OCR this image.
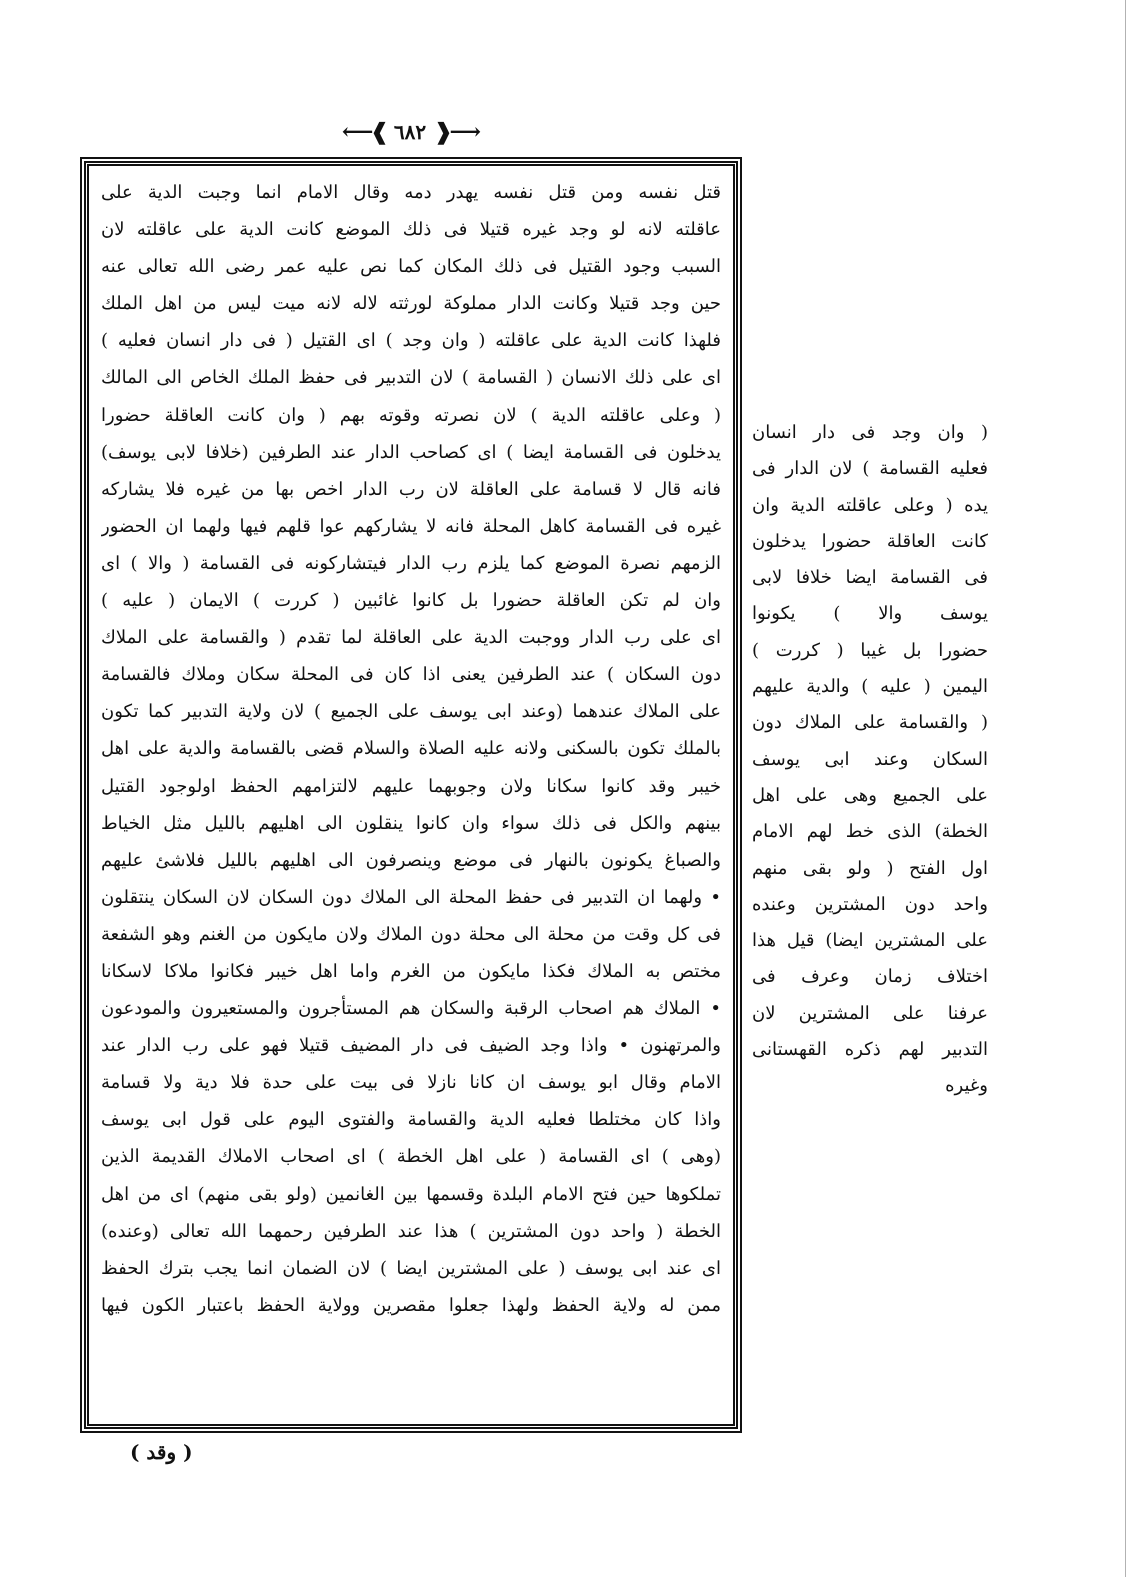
⟵❰ ٦٨٢ ❱⟶
قتل نفسه ومن قتل نفسه يهدر دمه وقال الامام انما وجبت الدية على
عاقلته لانه لو وجد غيره قتيلا فى ذلك الموضع كانت الدية على عاقلته لان
السبب وجود القتيل فى ذلك المكان كما نص عليه عمر رضى الله تعالى عنه
حين وجد قتيلا وكانت الدار مملوكة لورثته لاله لانه ميت ليس من اهل الملك
فلهذا كانت الدية على عاقلته ( وان وجد ) اى القتيل ( فى دار انسان فعليه )
اى على ذلك الانسان ( القسامة ) لان التدبير فى حفظ الملك الخاص الى المالك
( وعلى عاقلته الدية ) لان نصرته وقوته بهم ( وان كانت العاقلة حضورا
يدخلون فى القسامة ايضا ) اى كصاحب الدار عند الطرفين (خلافا لابى يوسف)
فانه قال لا قسامة على العاقلة لان رب الدار اخص بها من غيره فلا يشاركه
غيره فى القسامة كاهل المحلة فانه لا يشاركهم عوا قلهم فيها ولهما ان الحضور
الزمهم نصرة الموضع كما يلزم رب الدار فيتشاركونه فى القسامة ( والا ) اى
وان لم تكن العاقلة حضورا بل كانوا غائبين ( كررت ) الايمان ( عليه )
اى على رب الدار ووجبت الدية على العاقلة لما تقدم ( والقسامة على الملاك
دون السكان ) عند الطرفين يعنى اذا كان فى المحلة سكان وملاك فالقسامة
على الملاك عندهما (وعند ابى يوسف على الجميع ) لان ولاية التدبير كما تكون
بالملك تكون بالسكنى ولانه عليه الصلاة والسلام قضى بالقسامة والدية على اهل
خيبر وقد كانوا سكانا ولان وجوبهما عليهم لالتزامهم الحفظ اولوجود القتيل
بينهم والكل فى ذلك سواء وان كانوا ينقلون الى اهليهم بالليل مثل الخياط
والصباغ يكونون بالنهار فى موضع وينصرفون الى اهليهم بالليل فلاشئ عليهم
• ولهما ان التدبير فى حفظ المحلة الى الملاك دون السكان لان السكان ينتقلون
فى كل وقت من محلة الى محلة دون الملاك ولان مايكون من الغنم وهو الشفعة
مختص به الملاك فكذا مايكون من الغرم واما اهل خيبر فكانوا ملاكا لاسكانا
• الملاك هم اصحاب الرقبة والسكان هم المستأجرون والمستعيرون والمودعون
والمرتهنون • واذا وجد الضيف فى دار المضيف قتيلا فهو على رب الدار عند
الامام وقال ابو يوسف ان كانا نازلا فى بيت على حدة فلا دية ولا قسامة
واذا كان مختلطا فعليه الدية والقسامة والفتوى اليوم على قول ابى يوسف
(وهى ) اى القسامة ( على اهل الخطة ) اى اصحاب الاملاك القديمة الذين
تملكوها حين فتح الامام البلدة وقسمها بين الغانمين (ولو بقى منهم) اى من اهل
الخطة ( واحد دون المشترين ) هذا عند الطرفين رحمهما الله تعالى (وعنده)
اى عند ابى يوسف ( على المشترين ايضا ) لان الضمان انما يجب بترك الحفظ
ممن له ولاية الحفظ ولهذا جعلوا مقصرين وولاية الحفظ باعتبار الكون فيها
( وان وجد فى دار انسان
فعليه القسامة ) لان الدار فى
يده ( وعلى عاقلته الدية وان
كانت العاقلة حضورا يدخلون
فى القسامة ايضا خلافا لابى
يوسف والا ) يكونوا
حضورا بل غيبا ( كررت )
اليمين ( عليه ) والدية عليهم
( والقسامة على الملاك دون
السكان وعند ابى يوسف
على الجميع وهى على اهل
الخطة) الذى خط لهم الامام
اول الفتح ( ولو بقى منهم
واحد دون المشترين وعنده
على المشترين ايضا) قيل هذا
اختلاف زمان وعرف فى
عرفنا على المشترين لان
التدبير لهم ذكره القهستانى
وغيره
( وقد )
